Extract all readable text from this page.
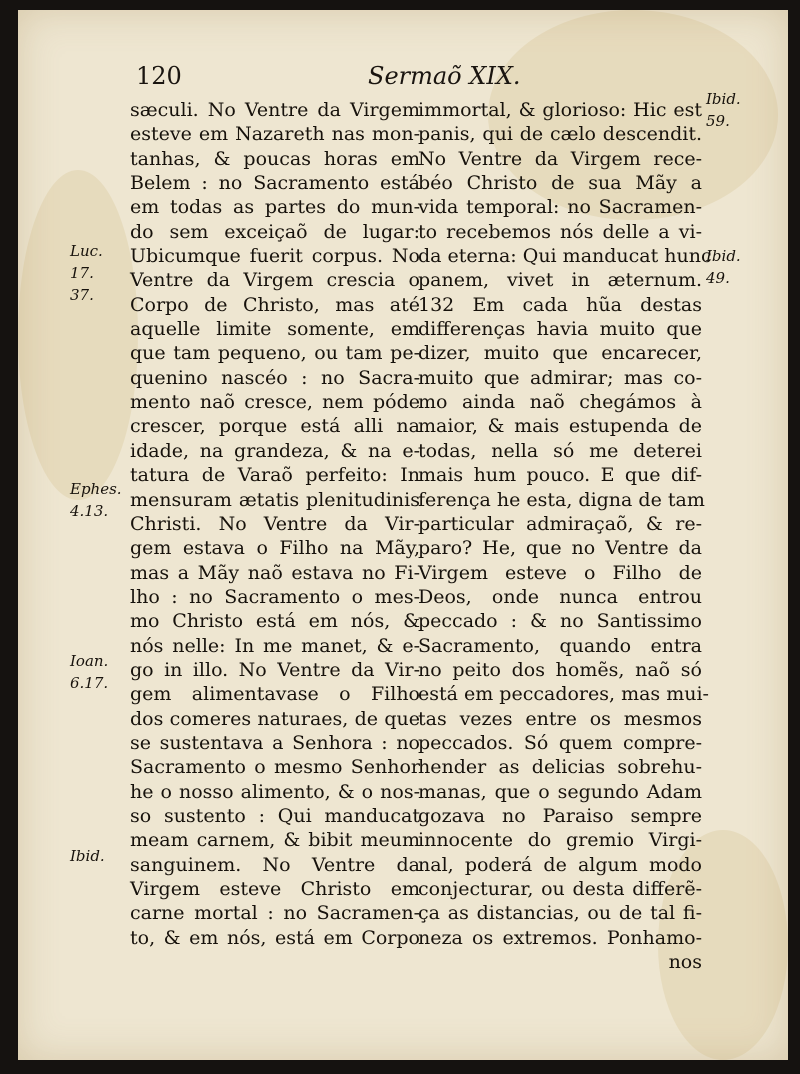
120	Sermaõ XIX.
sæculi. No Ventre da Virgem
esteve em Nazareth nas mon-
tanhas, & poucas horas em
Belem : no Sacramento está
em todas as partes do mun-
do sem exceiçaõ de lugar:
Ubicumque fuerit corpus. No
Ventre da Virgem crescia o
Corpo de Christo, mas até
aquelle limite somente, em
que tam pequeno, ou tam pe-
quenino nascéo : no Sacra-
mento naõ cresce, nem póde
crescer, porque está alli na
idade, na grandeza, & na e-
tatura de Varaõ perfeito: In
mensuram ætatis plenitudinis
Christi. No Ventre da Vir-
gem estava o Filho na Mãy,
mas a Mãy naõ estava no Fi-
lho : no Sacramento o mes-
mo Christo está em nós, &
nós nelle: In me manet, & e-
go in illo. No Ventre da Vir-
gem alimentavase o Filho
dos comeres naturaes, de que
se sustentava a Senhora : no
Sacramento o mesmo Senhor
he o nosso alimento, & o nos-
so sustento : Qui manducat
meam carnem, & bibit meum
sanguinem. No Ventre da
Virgem esteve Christo em
carne mortal : no Sacramen-
to, & em nós, está em Corpo
immortal, & glorioso: Hic est
panis, qui de cælo descendit.
No Ventre da Virgem rece-
béo Christo de sua Mãy a
vida temporal: no Sacramen-
to recebemos nós delle a vi-
da eterna: Qui manducat hunc
panem, vivet in æternum.
132 Em cada hũa destas
differenças havia muito que
dizer, muito que encarecer,
muito que admirar; mas co-
mo ainda naõ chegámos à
maior, & mais estupenda de
todas, nella só me deterei
mais hum pouco. E que dif-
ferença he esta, digna de tam
particular admiraçaõ, & re-
paro? He, que no Ventre da
Virgem esteve o Filho de
Deos, onde nunca entrou
peccado : & no Santissimo
Sacramento, quando entra
no peito dos homẽs, naõ só
está em peccadores, mas mui-
tas vezes entre os mesmos
peccados. Só quem compre-
hender as delicias sobrehu-
manas, que o segundo Adam
gozava no Paraiso sempre
innocente do gremio Virgi-
nal, poderá de algum modo
conjecturar, ou desta differẽ-
ça as distancias, ou de tal fi-
neza os extremos. Ponhamo-
nos
Luc.
17.
37.
Ephes.
4.13.
Ioan.
6.17.
Ibid.
Ibid.
59.
Ibid.
49.
